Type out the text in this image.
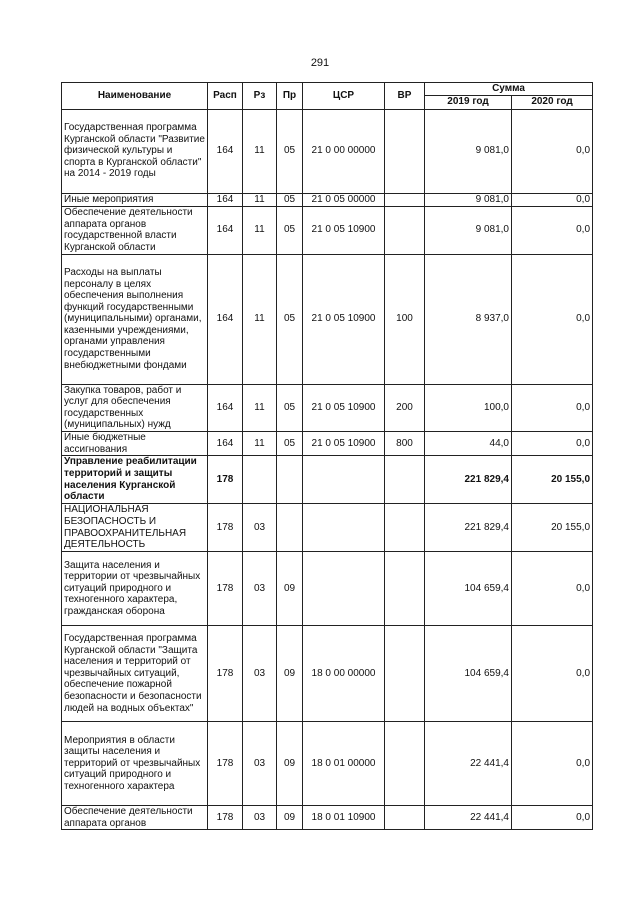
291
Наименование	Расп	Рз	Пр	ЦСР	ВР	Сумма	
						2019 год	2020 год
Государственная программа Курганской области "Развитие физической культуры и спорта в Курганской области" на 2014 - 2019 годы	164	11	05	21 0 00 00000		9 081,0	0,0
Иные мероприятия	164	11	05	21 0 05 00000		9 081,0	0,0
Обеспечение деятельности аппарата органов государственной власти Курганской области	164	11	05	21 0 05 10900		9 081,0	0,0
Расходы на выплаты персоналу в целях обеспечения выполнения функций государственными (муниципальными) органами, казенными учреждениями, органами управления государственными внебюджетными фондами	164	11	05	21 0 05 10900	100	8 937,0	0,0
Закупка товаров, работ и услуг для обеспечения государственных (муниципальных) нужд	164	11	05	21 0 05 10900	200	100,0	0,0
Иные бюджетные ассигнования	164	11	05	21 0 05 10900	800	44,0	0,0
Управление реабилитации территорий и защиты населения Курганской области	178					221 829,4	20 155,0
НАЦИОНАЛЬНАЯ БЕЗОПАСНОСТЬ И ПРАВООХРАНИТЕЛЬНАЯ ДЕЯТЕЛЬНОСТЬ	178	03				221 829,4	20 155,0
Защита населения и территории от чрезвычайных ситуаций природного и техногенного характера, гражданская оборона	178	03	09			104 659,4	0,0
Государственная программа Курганской области "Защита населения и территорий от чрезвычайных ситуаций, обеспечение пожарной безопасности и безопасности людей на водных объектах"	178	03	09	18 0 00 00000		104 659,4	0,0
Мероприятия в области защиты населения и территорий от чрезвычайных ситуаций природного и техногенного характера	178	03	09	18 0 01 00000		22 441,4	0,0
Обеспечение деятельности аппарата органов	178	03	09	18 0 01 10900		22 441,4	0,0
